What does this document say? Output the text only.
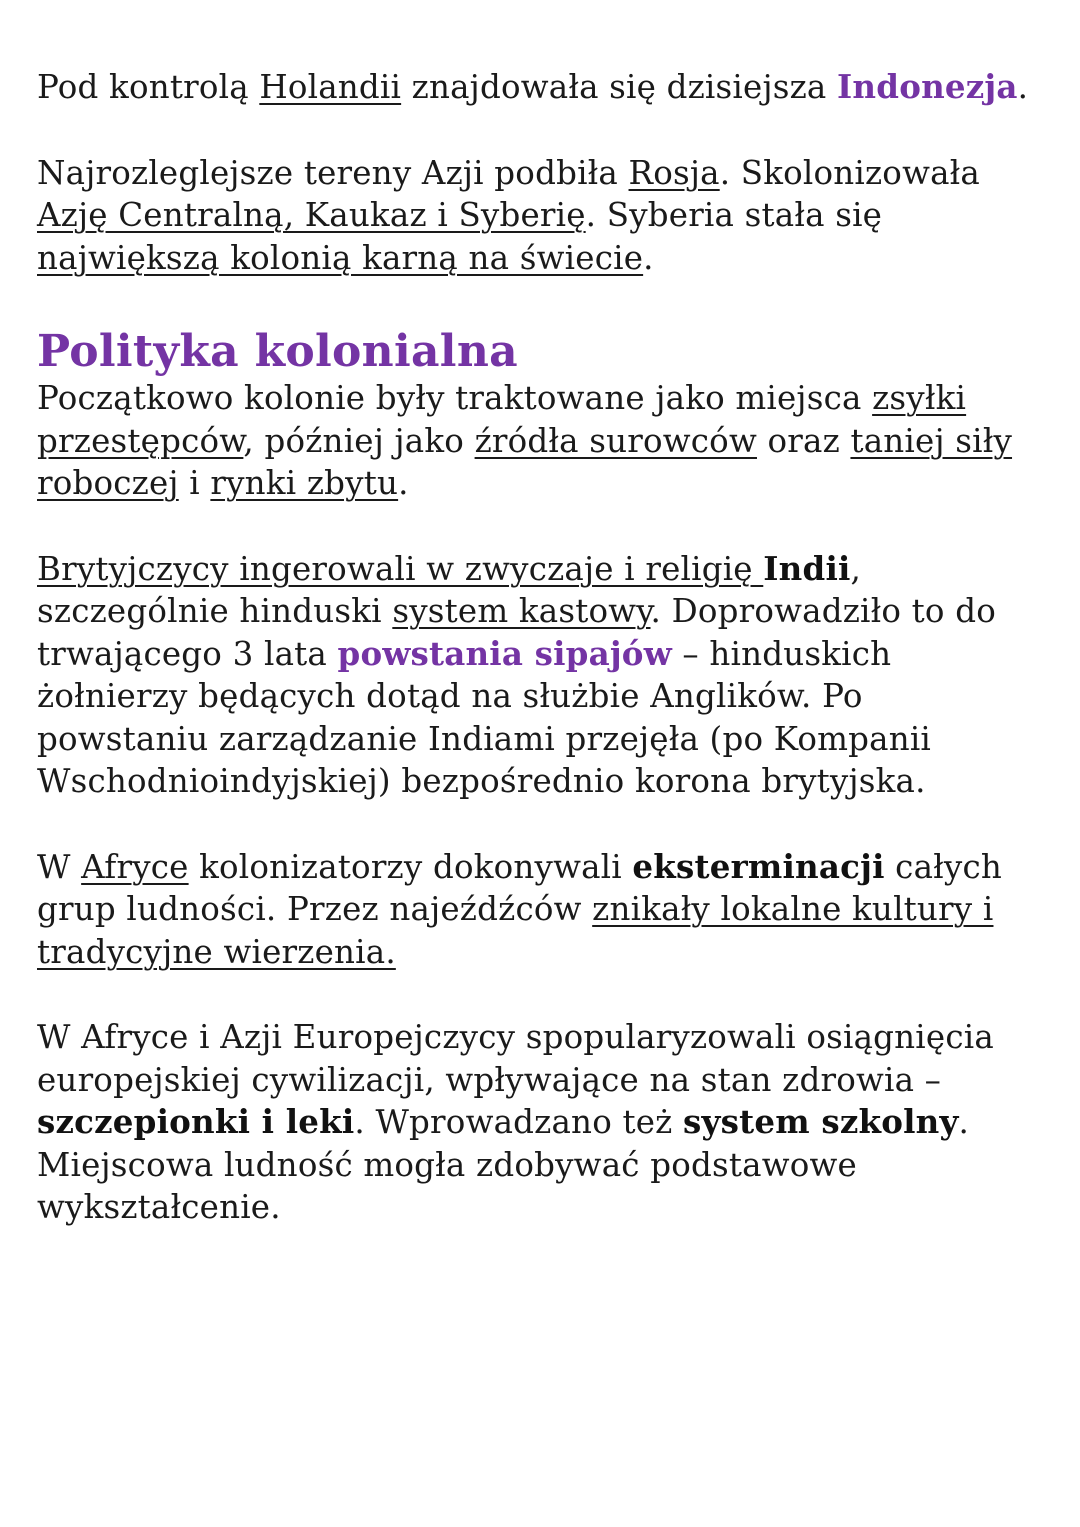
Pod kontrolą Holandii znajdowała się dzisiejsza Indonezja.

Najrozleglejsze tereny Azji podbiła Rosja. Skolonizowała Azję Centralną, Kaukaz i Syberię. Syberia stała się największą kolonią karną na świecie.

Polityka kolonialna

Początkowo kolonie były traktowane jako miejsca zsyłki przestępców, później jako źródła surowców oraz taniej siły roboczej i rynki zbytu.

Brytyjczycy ingerowali w zwyczaje i religię Indii, szczególnie hinduski system kastowy. Doprowadziło to do trwającego 3 lata powstania sipajów – hinduskich żołnierzy będących dotąd na służbie Anglików. Po powstaniu zarządzanie Indiami przejęła (po Kompanii Wschodnioindyjskiej) bezpośrednio korona brytyjska.

W Afryce kolonizatorzy dokonywali eksterminacji całych grup ludności. Przez najeźdźców znikały lokalne kultury i tradycyjne wierzenia.

W Afryce i Azji Europejczycy spopularyzowali osiągnięcia europejskiej cywilizacji, wpływające na stan zdrowia – szczepionki i leki. Wprowadzano też system szkolny. Miejscowa ludność mogła zdobywać podstawowe wykształcenie.
